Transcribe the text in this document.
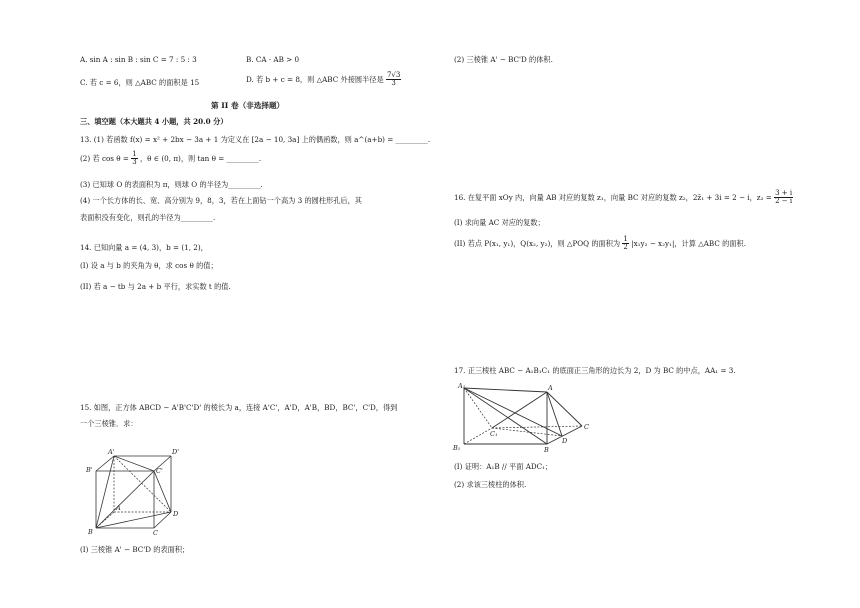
A. sin A : sin B : sin C = 7 : 5 : 3	B. CA · AB > 0
C. 若 c = 6，则 △ABC 的面积是 15	D. 若 b + c = 8，则 △ABC 外接圆半径是 $\frac{7√3}{3}$
第 II 卷（非选择题）
三、填空题（本大题共 4 小题，共 20.0 分）
13. (1) 若函数 f(x) = x² + 2bx − 3a + 1 为定义在 [2a − 10, 3a] 上的偶函数，则 a^(a+b) = _________.
(2) 若 $\cos \theta = \frac{1}{3}$ ，θ ∈ (0, π)，则 tan θ = _________.
(3) 已知球 O 的表面积为 π，则球 O 的半径为_________.
(4) 一个长方体的长、宽、高分别为 9，8，3，若在上面钻一个高为 3 的圆柱形孔后，其
表面积没有变化，则孔的半径为_________.
14. 已知向量 a = (4, 3)，b = (1, 2)，
(I) 设 a 与 b 的夹角为 θ，求 cos θ 的值；
(II) 若 a − tb 与 2a + b 平行，求实数 t 的值.
15. 如图，正方体 ABCD − A'B'C'D' 的棱长为 a，连接 A'C'，A'D，A'B，BD，BC'，C'D，得到
一个三棱锥．求：
A'	D'
B'	C'
A
D
B	C
(I) 三棱锥 A' − BC'D 的表面积；
(2) 三棱锥 A' − BC'D 的体积.
16. 在复平面 xOy 内，向量 AB 对应的复数 z₁，向量 BC 对应的复数 z₂，2z̄₁ + 3i = 2 − i，$z_2 = \frac{3 + i}{2 - i}$
(I) 求向量 AC 对应的复数；
(II) 若点 P(x₁, y₁)，Q(x₂, y₂)，则 △POQ 的面积为 $\frac{1}{2} |x_1y_2 - x_2y_1|$，计算 △ABC 的面积.
17. 正三棱柱 ABC − A₁B₁C₁ 的底面正三角形的边长为 2，D 为 BC 的中点，AA₁ = 3.
A₁	A
C₁
B₁	B
C
D
(I) 证明：A₁B // 平面 ADC₁；
(2) 求该三棱柱的体积.
